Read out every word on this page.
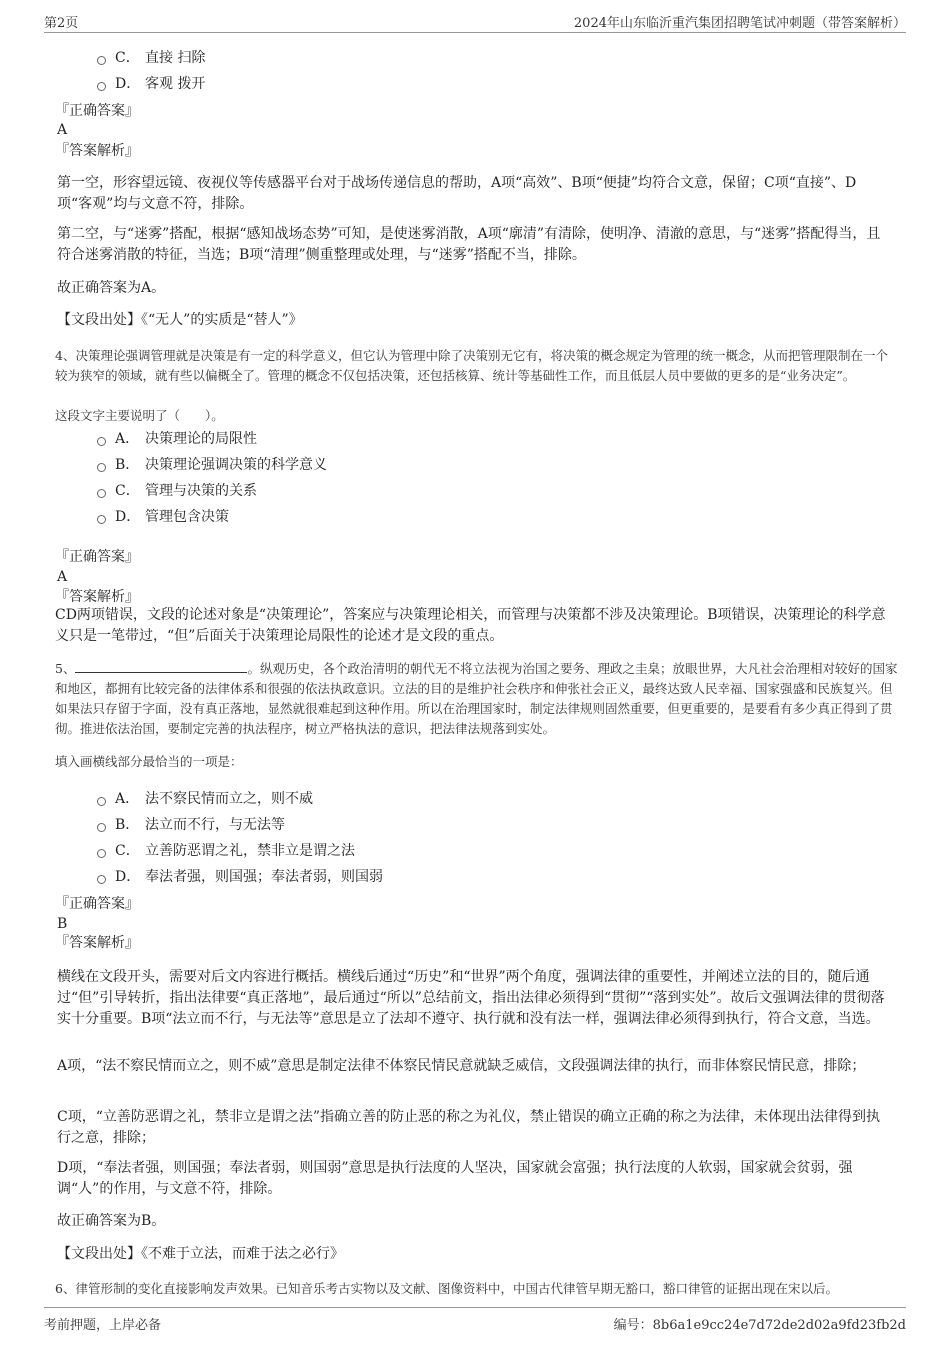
第2页	2024年山东临沂重汽集团招聘笔试冲刺题（带答案解析）
C． 直接 扫除
D． 客观 拨开
『正确答案』
A
『答案解析』

第一空，形容望远镜、夜视仪等传感器平台对于战场传递信息的帮助，A项“高效”、B项“便捷”均符合文意，保留；C项“直接”、D项“客观”均与文意不符，排除。

第二空，与“迷雾”搭配，根据“感知战场态势”可知，是使迷雾消散，A项“廓清”有清除，使明净、清澈的意思，与“迷雾”搭配得当，且符合迷雾消散的特征，当选；B项“清理”侧重整理或处理，与“迷雾”搭配不当，排除。

故正确答案为A。

【文段出处】《“无人”的实质是“替人”》

4、决策理论强调管理就是决策是有一定的科学意义，但它认为管理中除了决策别无它有，将决策的概念规定为管理的统一概念，从而把管理限制在一个较为狭窄的领域，就有些以偏概全了。管理的概念不仅包括决策，还包括核算、统计等基础性工作，而且低层人员中要做的更多的是“业务决定”。

这段文字主要说明了（　　）。

A． 决策理论的局限性
B． 决策理论强调决策的科学意义
C． 管理与决策的关系
D． 管理包含决策
『正确答案』
A
『答案解析』

CD两项错误，文段的论述对象是“决策理论”，答案应与决策理论相关，而管理与决策都不涉及决策理论。B项错误，决策理论的科学意义只是一笔带过，“但”后面关于决策理论局限性的论述才是文段的重点。

5、	。纵观历史，各个政治清明的朝代无不将立法视为治国之要务、理政之圭臬；放眼世界，大凡社会治理相对较好的国家和地区，都拥有比较完备的法律体系和很强的依法执政意识。立法的目的是维护社会秩序和伸张社会正义，最终达致人民幸福、国家强盛和民族复兴。但如果法只存留于字面，没有真正落地，显然就很难起到这种作用。所以在治理国家时，制定法律规则固然重要，但更重要的，是要看有多少真正得到了贯彻。推进依法治国，要制定完善的执法程序，树立严格执法的意识，把法律法规落到实处。

填入画横线部分最恰当的一项是：

A． 法不察民情而立之，则不威
B． 法立而不行，与无法等
C． 立善防恶谓之礼，禁非立是谓之法
D． 奉法者强，则国强；奉法者弱，则国弱
『正确答案』
B
『答案解析』

横线在文段开头，需要对后文内容进行概括。横线后通过“历史”和“世界”两个角度，强调法律的重要性，并阐述立法的目的，随后通过“但”引导转折，指出法律要“真正落地”，最后通过“所以”总结前文，指出法律必须得到“贯彻”“落到实处”。故后文强调法律的贯彻落实十分重要。B项“法立而不行，与无法等”意思是立了法却不遵守、执行就和没有法一样，强调法律必须得到执行，符合文意，当选。

A项，“法不察民情而立之，则不威”意思是制定法律不体察民情民意就缺乏威信，文段强调法律的执行，而非体察民情民意，排除；

C项，“立善防恶谓之礼，禁非立是谓之法”指确立善的防止恶的称之为礼仪，禁止错误的确立正确的称之为法律，未体现出法律得到执行之意，排除；

D项，“奉法者强，则国强；奉法者弱，则国弱”意思是执行法度的人坚决，国家就会富强；执行法度的人软弱，国家就会贫弱，强调“人”的作用，与文意不符，排除。

故正确答案为B。

【文段出处】《不难于立法，而难于法之必行》

6、律管形制的变化直接影响发声效果。已知音乐考古实物以及文献、图像资料中，中国古代律管早期无豁口，豁口律管的证据出现在宋以后。

考前押题，上岸必备	编号：8b6a1e9cc24e7d72de2d02a9fd23fb2d
